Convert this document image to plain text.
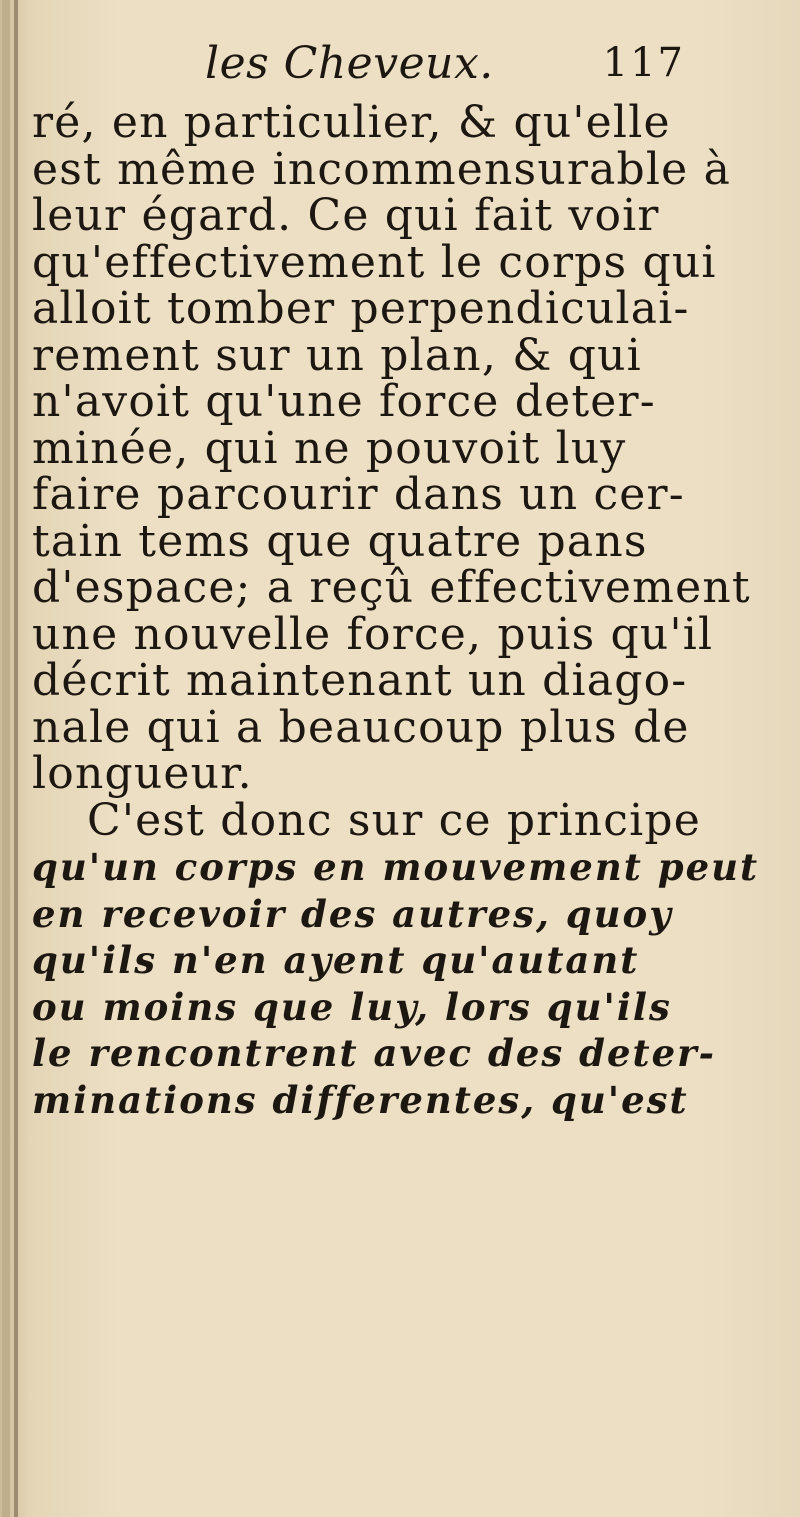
les Cheveux.	117
ré, en particulier, & qu'elle
est même incommensurable à
leur égard. Ce qui fait voir
qu'effectivement le corps qui
alloit tomber perpendiculai-
rement sur un plan, & qui
n'avoit qu'une force deter-
minée, qui ne pouvoit luy
faire parcourir dans un cer-
tain tems que quatre pans
d'espace; a reçû effectivement
une nouvelle force, puis qu'il
décrit maintenant un diago-
nale qui a beaucoup plus de
longueur.
C'est donc sur ce principe
qu'un corps en mouvement peut
en recevoir des autres, quoy
qu'ils n'en ayent qu'autant
ou moins que luy, lors qu'ils
le rencontrent avec des deter-
minations differentes, qu'est
